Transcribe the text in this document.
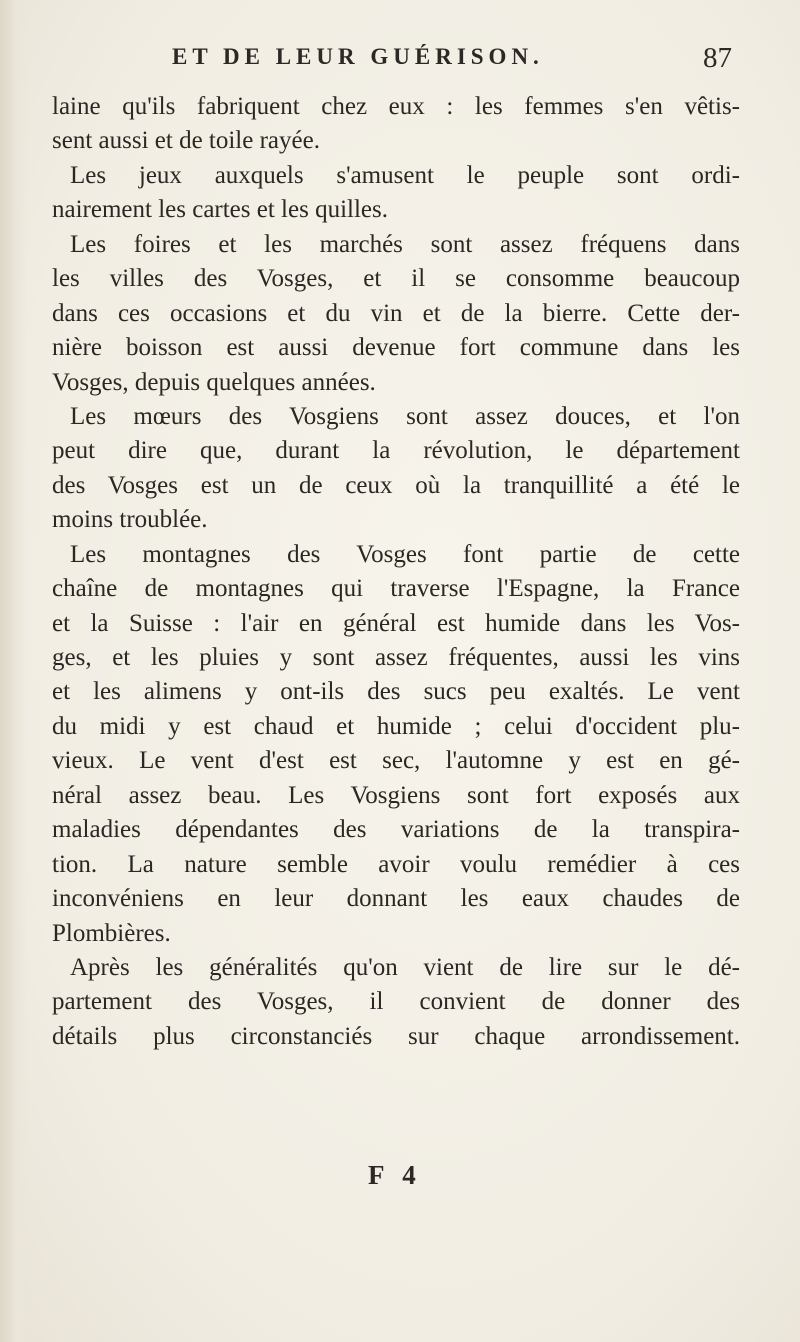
ET DE LEUR GUÉRISON.	87
laine qu'ils fabriquent chez eux : les femmes s'en vêtis-
sent aussi et de toile rayée.
Les jeux auxquels s'amusent le peuple sont ordi-
nairement les cartes et les quilles.
Les foires et les marchés sont assez fréquens dans
les villes des Vosges, et il se consomme beaucoup
dans ces occasions et du vin et de la bierre. Cette der-
nière boisson est aussi devenue fort commune dans les
Vosges, depuis quelques années.
Les mœurs des Vosgiens sont assez douces, et l'on
peut dire que, durant la révolution, le département
des Vosges est un de ceux où la tranquillité a été le
moins troublée.
Les montagnes des Vosges font partie de cette
chaîne de montagnes qui traverse l'Espagne, la France
et la Suisse : l'air en général est humide dans les Vos-
ges, et les pluies y sont assez fréquentes, aussi les vins
et les alimens y ont-ils des sucs peu exaltés. Le vent
du midi y est chaud et humide ; celui d'occident plu-
vieux. Le vent d'est est sec, l'automne y est en gé-
néral assez beau. Les Vosgiens sont fort exposés aux
maladies dépendantes des variations de la transpira-
tion. La nature semble avoir voulu remédier à ces
inconvéniens en leur donnant les eaux chaudes de
Plombières.
Après les généralités qu'on vient de lire sur le dé-
partement des Vosges, il convient de donner des
détails plus circonstanciés sur chaque arrondissement.
F 4
